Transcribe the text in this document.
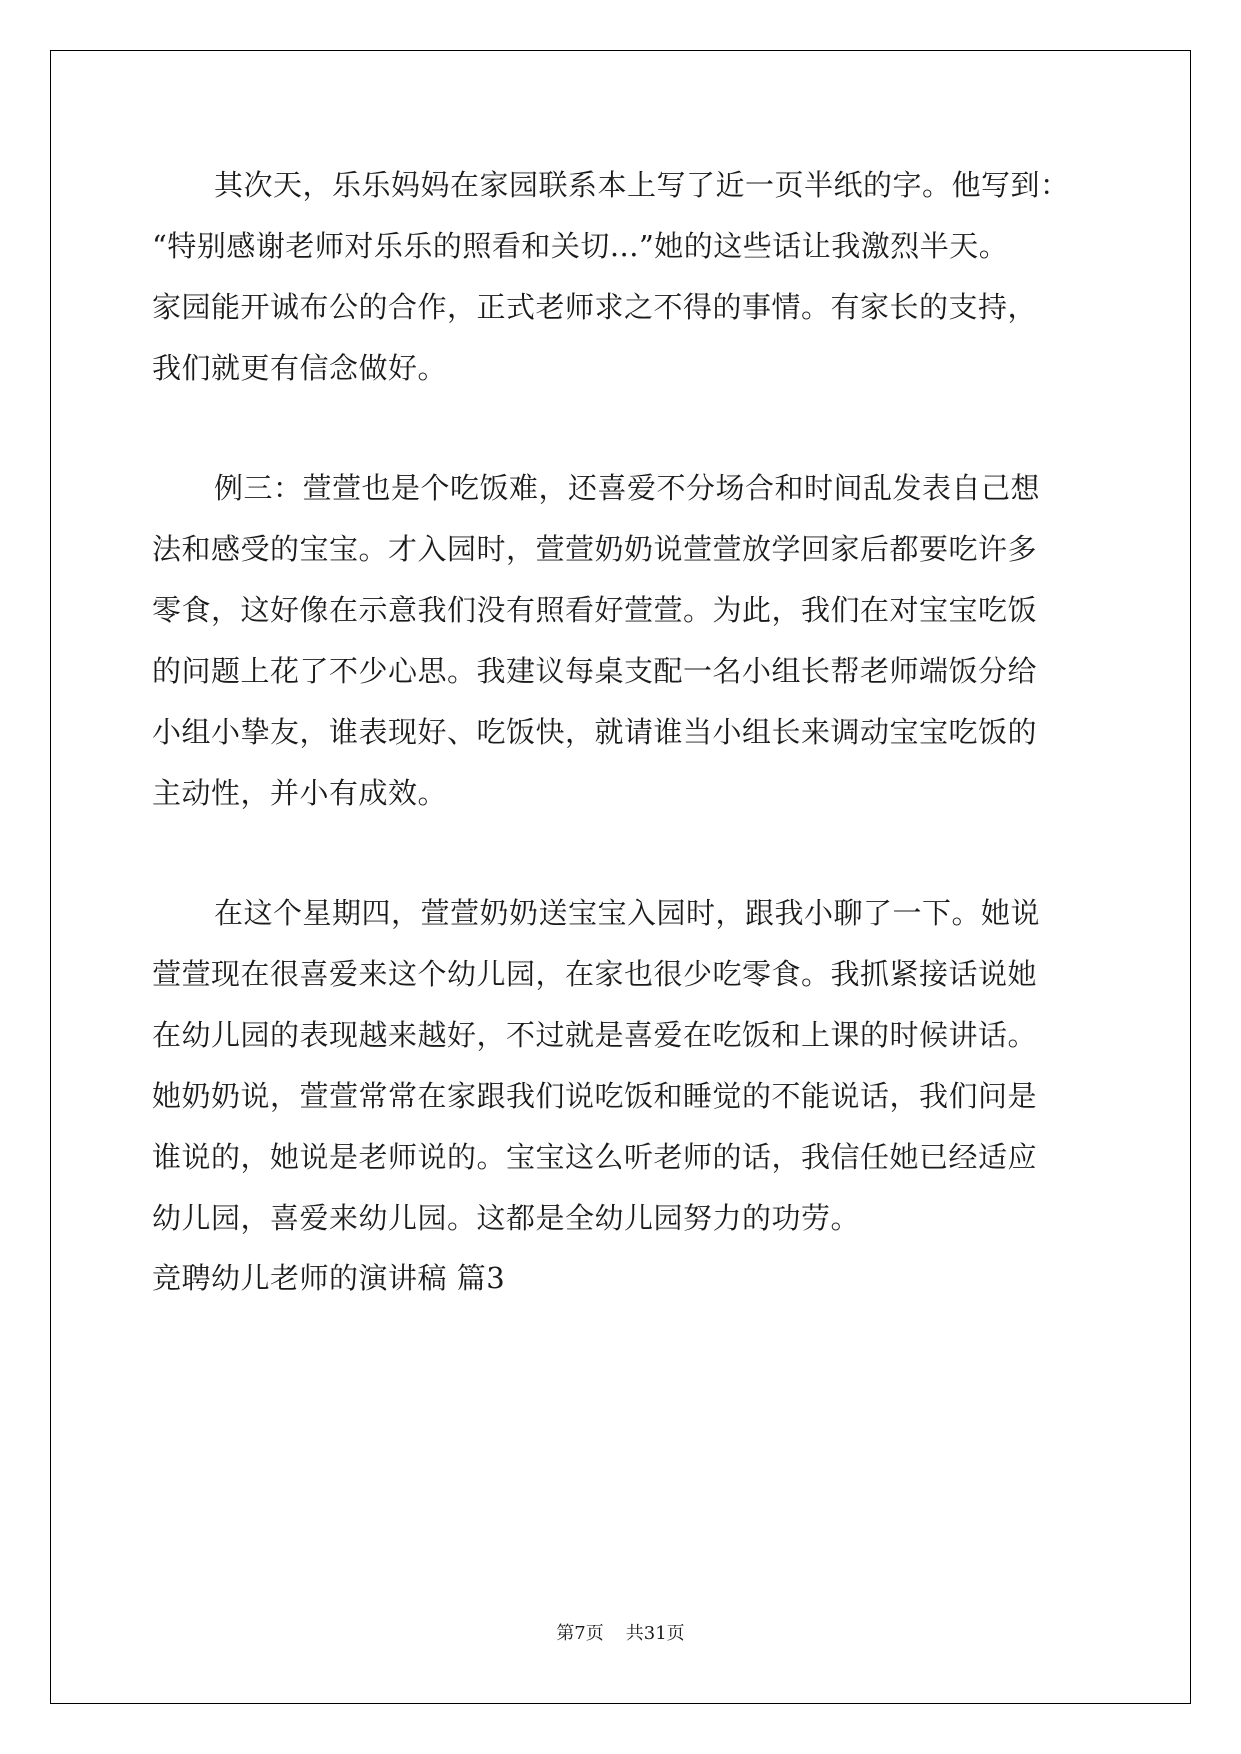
其次天，乐乐妈妈在家园联系本上写了近一页半纸的字。他写到：
“特别感谢老师对乐乐的照看和关切...”她的这些话让我激烈半天。
家园能开诚布公的合作，正式老师求之不得的事情。有家长的支持，
我们就更有信念做好。
例三：萱萱也是个吃饭难，还喜爱不分场合和时间乱发表自己想
法和感受的宝宝。才入园时，萱萱奶奶说萱萱放学回家后都要吃许多
零食，这好像在示意我们没有照看好萱萱。为此，我们在对宝宝吃饭
的问题上花了不少心思。我建议每桌支配一名小组长帮老师端饭分给
小组小挚友，谁表现好、吃饭快，就请谁当小组长来调动宝宝吃饭的
主动性，并小有成效。
在这个星期四，萱萱奶奶送宝宝入园时，跟我小聊了一下。她说
萱萱现在很喜爱来这个幼儿园，在家也很少吃零食。我抓紧接话说她
在幼儿园的表现越来越好，不过就是喜爱在吃饭和上课的时候讲话。
她奶奶说，萱萱常常在家跟我们说吃饭和睡觉的不能说话，我们问是
谁说的，她说是老师说的。宝宝这么听老师的话，我信任她已经适应
幼儿园，喜爱来幼儿园。这都是全幼儿园努力的功劳。
竞聘幼儿老师的演讲稿 篇3
第7页 共31页
